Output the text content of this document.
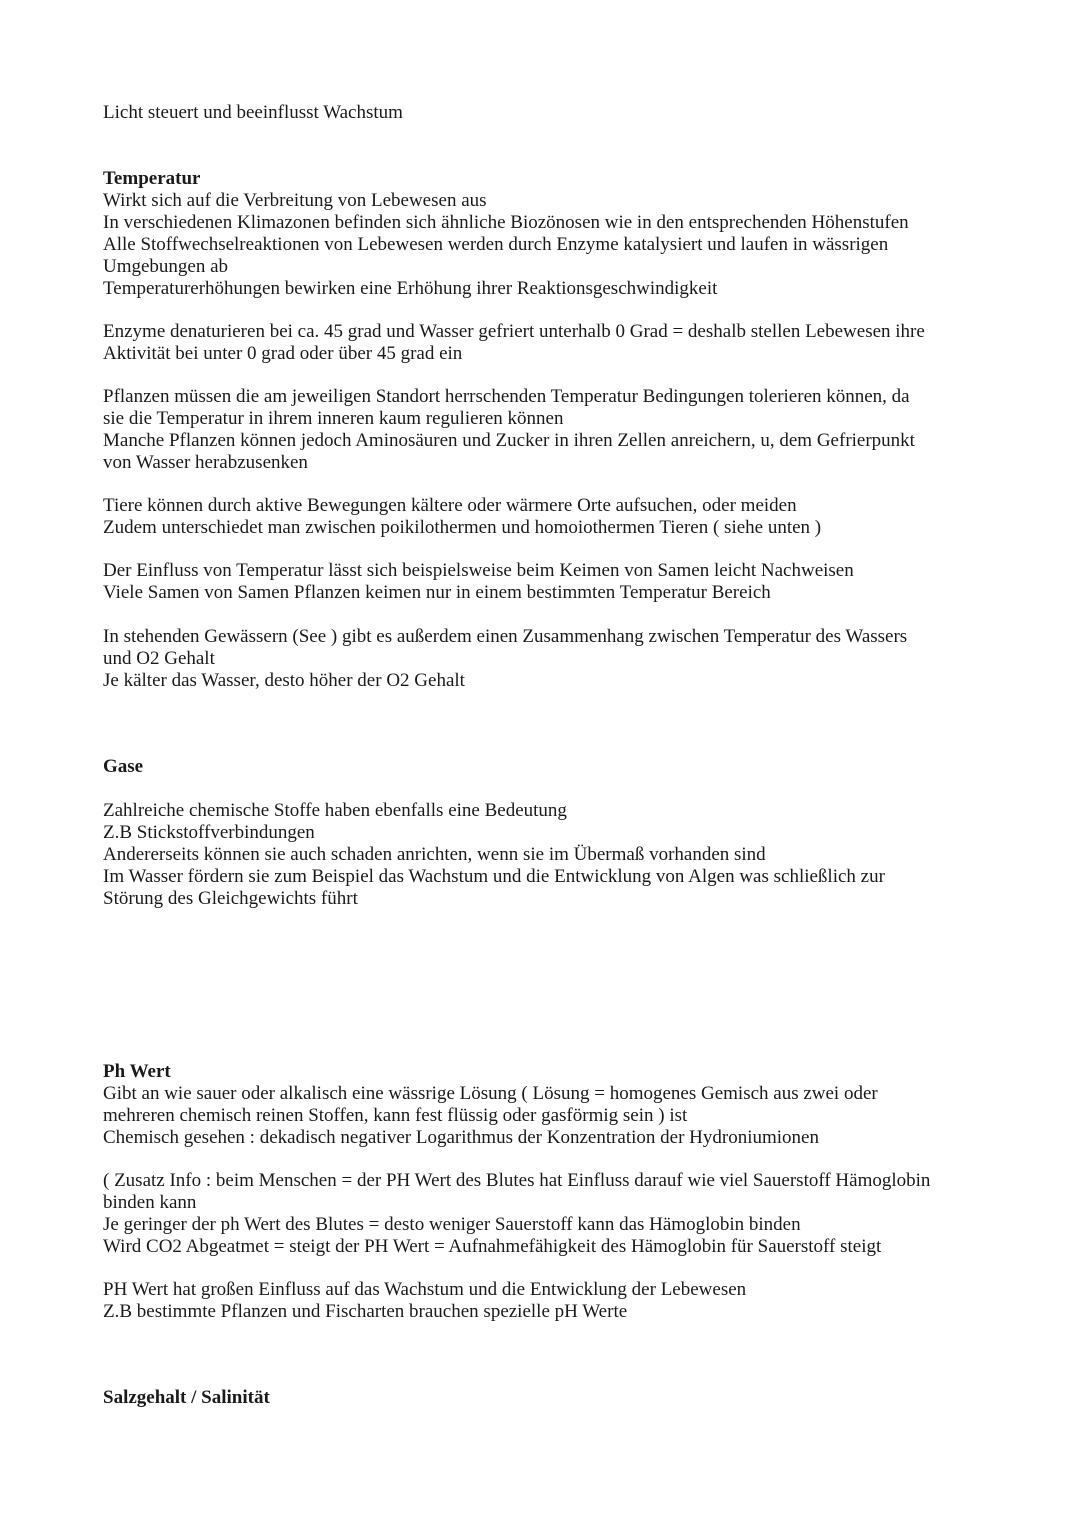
Licht steuert und beeinflusst Wachstum
Temperatur
Wirkt sich auf die Verbreitung von Lebewesen aus
In verschiedenen Klimazonen befinden sich ähnliche Biozönosen wie in den entsprechenden Höhenstufen
Alle Stoffwechselreaktionen von Lebewesen werden durch Enzyme katalysiert und laufen in wässrigen
Umgebungen ab
Temperaturerhöhungen bewirken eine Erhöhung ihrer Reaktionsgeschwindigkeit
Enzyme denaturieren bei ca. 45 grad und Wasser gefriert unterhalb 0 Grad = deshalb stellen Lebewesen ihre
Aktivität bei unter 0 grad oder über 45 grad ein
Pflanzen müssen die am jeweiligen Standort herrschenden Temperatur Bedingungen tolerieren können, da
sie die Temperatur in ihrem inneren kaum regulieren können
Manche Pflanzen können jedoch Aminosäuren und Zucker in ihren Zellen anreichern, u, dem Gefrierpunkt
von Wasser herabzusenken
Tiere können durch aktive Bewegungen kältere oder wärmere Orte aufsuchen, oder meiden
Zudem unterschiedet man zwischen poikilothermen und homoiothermen Tieren ( siehe unten )
Der Einfluss von Temperatur lässt sich beispielsweise beim Keimen von Samen leicht Nachweisen
Viele Samen von Samen Pflanzen keimen nur in einem bestimmten Temperatur Bereich
In stehenden Gewässern (See ) gibt es außerdem einen Zusammenhang zwischen Temperatur des Wassers
und O2 Gehalt
Je kälter das Wasser, desto höher der O2 Gehalt
Gase
Zahlreiche chemische Stoffe haben ebenfalls eine Bedeutung
Z.B Stickstoffverbindungen
Andererseits können sie auch schaden anrichten, wenn sie im Übermaß vorhanden sind
Im Wasser fördern sie zum Beispiel das Wachstum und die Entwicklung von Algen was schließlich zur
Störung des Gleichgewichts führt
Ph Wert
Gibt an wie sauer oder alkalisch eine wässrige Lösung ( Lösung = homogenes Gemisch aus zwei oder
mehreren chemisch reinen Stoffen, kann fest flüssig oder gasförmig sein ) ist
Chemisch gesehen : dekadisch negativer Logarithmus der Konzentration der Hydroniumionen
( Zusatz Info : beim Menschen = der PH Wert des Blutes hat Einfluss darauf wie viel Sauerstoff Hämoglobin
binden kann
Je geringer der ph Wert des Blutes = desto weniger Sauerstoff kann das Hämoglobin binden
Wird CO2 Abgeatmet = steigt der PH Wert = Aufnahmefähigkeit des Hämoglobin für Sauerstoff steigt
PH Wert hat großen Einfluss auf das Wachstum und die Entwicklung der Lebewesen
Z.B bestimmte Pflanzen und Fischarten brauchen spezielle pH Werte
Salzgehalt / Salinität
